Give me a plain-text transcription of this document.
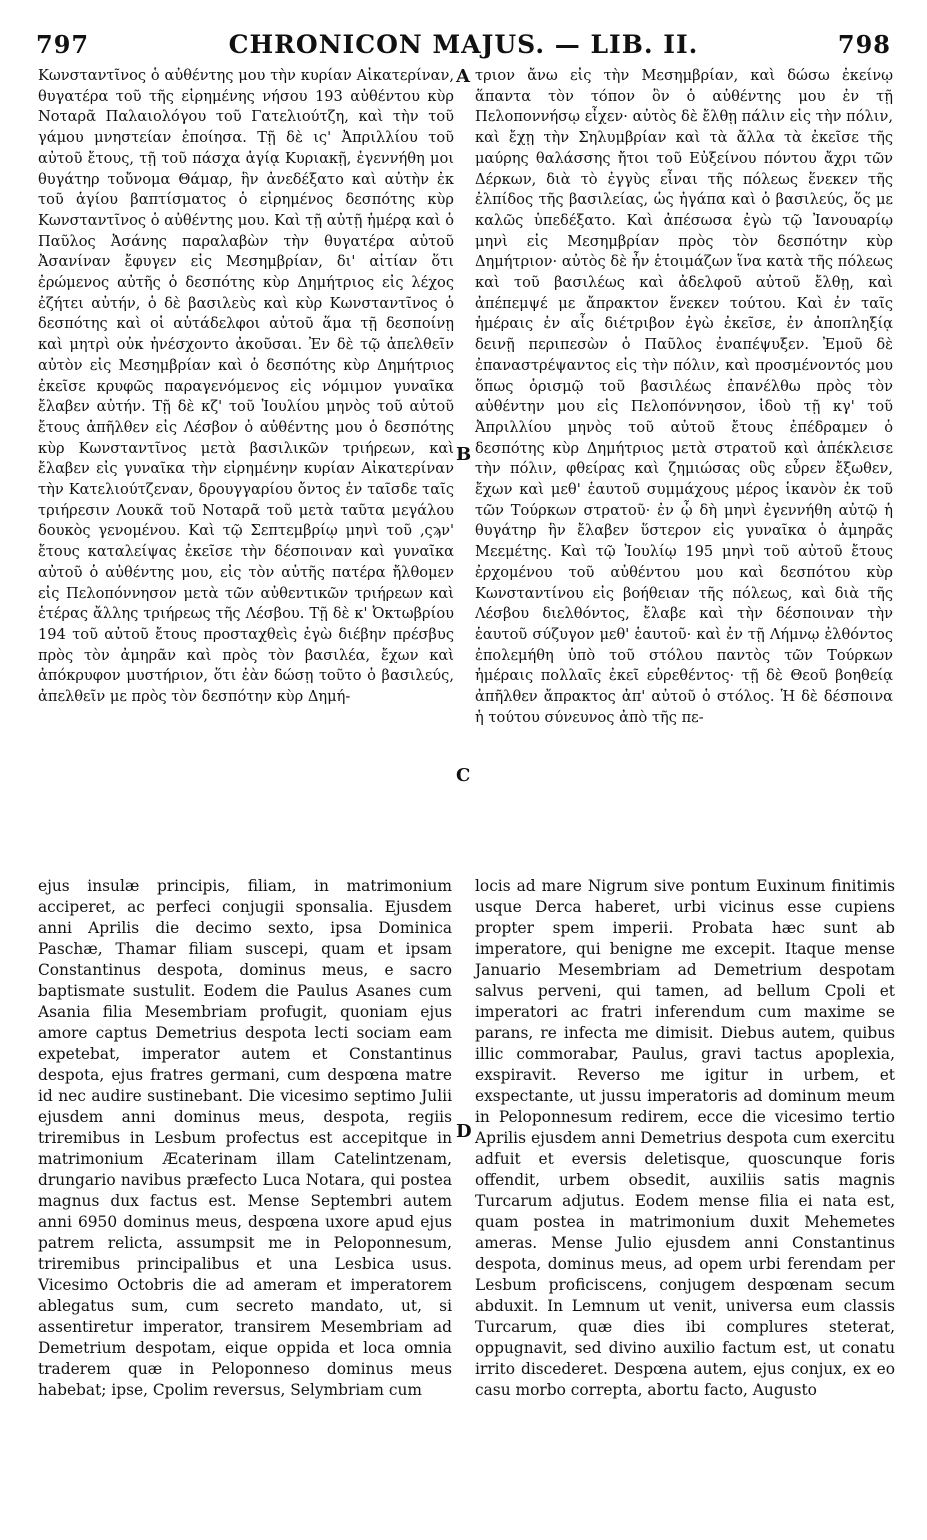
797	CHRONICON MAJUS. — LIB. II.	798

Κωνσταντῖνος ὁ αὐθέντης μου τὴν κυρίαν Αἰκατερίναν, θυγατέρα τοῦ τῆς εἰρημένης νήσου 193 αὐθέντου κὺρ Νοταρᾶ Παλαιολόγου τοῦ Γατελιούτζη, καὶ τὴν τοῦ γάμου μνηστείαν ἐποίησα. Τῇ δὲ ις' Ἀπριλλίου τοῦ αὐτοῦ ἔτους, τῇ τοῦ πάσχα ἁγίᾳ Κυριακῇ, ἐγεννήθη μοι θυγάτηρ τοὔνομα Θάμαρ, ἣν ἀνεδέξατο καὶ αὐτὴν ἐκ τοῦ ἁγίου βαπτίσματος ὁ εἰρημένος δεσπότης κὺρ Κωνσταντῖνος ὁ αὐθέντης μου. Καὶ τῇ αὐτῇ ἡμέρᾳ καὶ ὁ Παῦλος Ἀσάνης παραλαβὼν τὴν θυγατέρα αὐτοῦ Ἀσανίναν ἔφυγεν εἰς Μεσημβρίαν, δι' αἰτίαν ὅτι ἐρώμενος αὐτῆς ὁ δεσπότης κὺρ Δημήτριος εἰς λέχος ἐζήτει αὐτήν, ὁ δὲ βασιλεὺς καὶ κὺρ Κωνσταντῖνος ὁ δεσπότης καὶ οἱ αὐτάδελφοι αὐτοῦ ἅμα τῇ δεσποίνῃ καὶ μητρὶ οὐκ ἠνέσχοντο ἀκοῦσαι. Ἐν δὲ τῷ ἀπελθεῖν αὐτὸν εἰς Μεσημβρίαν καὶ ὁ δεσπότης κὺρ Δημήτριος ἐκεῖσε κρυφῶς παραγενόμενος εἰς νόμιμον γυναῖκα ἔλαβεν αὐτήν. Τῇ δὲ κζ' τοῦ Ἰουλίου μηνὸς τοῦ αὐτοῦ ἔτους ἀπῆλθεν εἰς Λέσβον ὁ αὐθέντης μου ὁ δεσπότης κὺρ Κωνσταντῖνος μετὰ βασιλικῶν τριήρεων, καὶ ἔλαβεν εἰς γυναῖκα τὴν εἰρημένην κυρίαν Αἰκατερίναν τὴν Κατελιούτζεναν, δρουγγαρίου ὄντος ἐν ταῖσδε ταῖς τριήρεσιν Λουκᾶ τοῦ Νοταρᾶ τοῦ μετὰ ταῦτα μεγάλου δουκὸς γενομένου. Καὶ τῷ Σεπτεμβρίῳ μηνὶ τοῦ ‚ςϡν' ἔτους καταλείψας ἐκεῖσε τὴν δέσποιναν καὶ γυναῖκα αὐτοῦ ὁ αὐθέντης μου, εἰς τὸν αὐτῆς πατέρα ἤλθομεν εἰς Πελοπόννησον μετὰ τῶν αὐθεντικῶν τριήρεων καὶ ἑτέρας ἄλλης τριήρεως τῆς Λέσβου. Τῇ δὲ κ' Ὀκτωβρίου 194 τοῦ αὐτοῦ ἔτους προσταχθεὶς ἐγὼ διέβην πρέσβυς πρὸς τὸν ἀμηρᾶν καὶ πρὸς τὸν βασιλέα, ἔχων καὶ ἀπόκρυφον μυστήριον, ὅτι ἐὰν δώσῃ τοῦτο ὁ βασιλεύς, ἀπελθεῖν με πρὸς τὸν δεσπότην κὺρ Δημή-

τριον ἄνω εἰς τὴν Μεσημβρίαν, καὶ δώσω ἐκείνῳ ἅπαντα τὸν τόπον ὃν ὁ αὐθέντης μου ἐν τῇ Πελοποννήσῳ εἶχεν· αὐτὸς δὲ ἔλθῃ πάλιν εἰς τὴν πόλιν, καὶ ἔχῃ τὴν Σηλυμβρίαν καὶ τὰ ἄλλα τὰ ἐκεῖσε τῆς μαύρης θαλάσσης ἤτοι τοῦ Εὐξείνου πόντου ἄχρι τῶν Δέρκων, διὰ τὸ ἐγγὺς εἶναι τῆς πόλεως ἕνεκεν τῆς ἐλπίδος τῆς βασιλείας, ὡς ἠγάπα καὶ ὁ βασιλεύς, ὅς με καλῶς ὑπεδέξατο. Καὶ ἀπέσωσα ἐγὼ τῷ Ἰανουαρίῳ μηνὶ εἰς Μεσημβρίαν πρὸς τὸν δεσπότην κὺρ Δημήτριον· αὐτὸς δὲ ἦν ἑτοιμάζων ἵνα κατὰ τῆς πόλεως καὶ τοῦ βασιλέως καὶ ἀδελφοῦ αὐτοῦ ἔλθῃ, καὶ ἀπέπεμψέ με ἄπρακτον ἕνεκεν τούτου. Καὶ ἐν ταῖς ἡμέραις ἐν αἷς διέτριβον ἐγὼ ἐκεῖσε, ἐν ἀποπληξίᾳ δεινῇ περιπεσὼν ὁ Παῦλος ἐναπέψυξεν. Ἐμοῦ δὲ ἐπαναστρέψαντος εἰς τὴν πόλιν, καὶ προσμένοντός μου ὅπως ὁρισμῷ τοῦ βασιλέως ἐπανέλθω πρὸς τὸν αὐθέντην μου εἰς Πελοπόννησον, ἰδοὺ τῇ κγ' τοῦ Ἀπριλλίου μηνὸς τοῦ αὐτοῦ ἔτους ἐπέδραμεν ὁ δεσπότης κὺρ Δημήτριος μετὰ στρατοῦ καὶ ἀπέκλεισε τὴν πόλιν, φθείρας καὶ ζημιώσας οὓς εὗρεν ἔξωθεν, ἔχων καὶ μεθ' ἑαυτοῦ συμμάχους μέρος ἱκανὸν ἐκ τοῦ τῶν Τούρκων στρατοῦ· ἐν ᾧ δὴ μηνὶ ἐγεννήθη αὐτῷ ἡ θυγάτηρ ἣν ἔλαβεν ὕστερον εἰς γυναῖκα ὁ ἀμηρᾶς Μεεμέτης. Καὶ τῷ Ἰουλίῳ 195 μηνὶ τοῦ αὐτοῦ ἔτους ἐρχομένου τοῦ αὐθέντου μου καὶ δεσπότου κὺρ Κωνσταντίνου εἰς βοήθειαν τῆς πόλεως, καὶ διὰ τῆς Λέσβου διελθόντος, ἔλαβε καὶ τὴν δέσποιναν τὴν ἑαυτοῦ σύζυγον μεθ' ἑαυτοῦ· καὶ ἐν τῇ Λήμνῳ ἐλθόντος ἐπολεμήθη ὑπὸ τοῦ στόλου παντὸς τῶν Τούρκων ἡμέραις πολλαῖς ἐκεῖ εὑρεθέντος· τῇ δὲ Θεοῦ βοηθείᾳ ἀπῆλθεν ἄπρακτος ἀπ' αὐτοῦ ὁ στόλος. Ἡ δὲ δέσποινα ἡ τούτου σύνευνος ἀπὸ τῆς πε-

ejus insulæ principis, filiam, in matrimonium acciperet, ac perfeci conjugii sponsalia. Ejusdem anni Aprilis die decimo sexto, ipsa Dominica Paschæ, Thamar filiam suscepi, quam et ipsam Constantinus despota, dominus meus, e sacro baptismate sustulit. Eodem die Paulus Asanes cum Asania filia Mesembriam profugit, quoniam ejus amore captus Demetrius despota lecti sociam eam expetebat, imperator autem et Constantinus despota, ejus fratres germani, cum despœna matre id nec audire sustinebant. Die vicesimo septimo Julii ejusdem anni dominus meus, despota, regiis triremibus in Lesbum profectus est accepitque in matrimonium Æcaterinam illam Catelintzenam, drungario navibus præfecto Luca Notara, qui postea magnus dux factus est. Mense Septembri autem anni 6950 dominus meus, despœna uxore apud ejus patrem relicta, assumpsit me in Peloponnesum, triremibus principalibus et una Lesbica usus. Vicesimo Octobris die ad ameram et imperatorem ablegatus sum, cum secreto mandato, ut, si assentiretur imperator, transirem Mesembriam ad Demetrium despotam, eique oppida et loca omnia traderem quæ in Peloponneso dominus meus habebat; ipse, Cpolim reversus, Selymbriam cum

locis ad mare Nigrum sive pontum Euxinum finitimis usque Derca haberet, urbi vicinus esse cupiens propter spem imperii. Probata hæc sunt ab imperatore, qui benigne me excepit. Itaque mense Januario Mesembriam ad Demetrium despotam salvus perveni, qui tamen, ad bellum Cpoli et imperatori ac fratri inferendum cum maxime se parans, re infecta me dimisit. Diebus autem, quibus illic commorabar, Paulus, gravi tactus apoplexia, exspiravit. Reverso me igitur in urbem, et exspectante, ut jussu imperatoris ad dominum meum in Peloponnesum redirem, ecce die vicesimo tertio Aprilis ejusdem anni Demetrius despota cum exercitu adfuit et eversis deletisque, quoscunque foris offendit, urbem obsedit, auxiliis satis magnis Turcarum adjutus. Eodem mense filia ei nata est, quam postea in matrimonium duxit Mehemetes ameras. Mense Julio ejusdem anni Constantinus despota, dominus meus, ad opem urbi ferendam per Lesbum proficiscens, conjugem despœnam secum abduxit. In Lemnum ut venit, universa eum classis Turcarum, quæ dies ibi complures steterat, oppugnavit, sed divino auxilio factum est, ut conatu irrito discederet. Despœna autem, ejus conjux, ex eo casu morbo correpta, abortu facto, Augusto

A
B
C
D
